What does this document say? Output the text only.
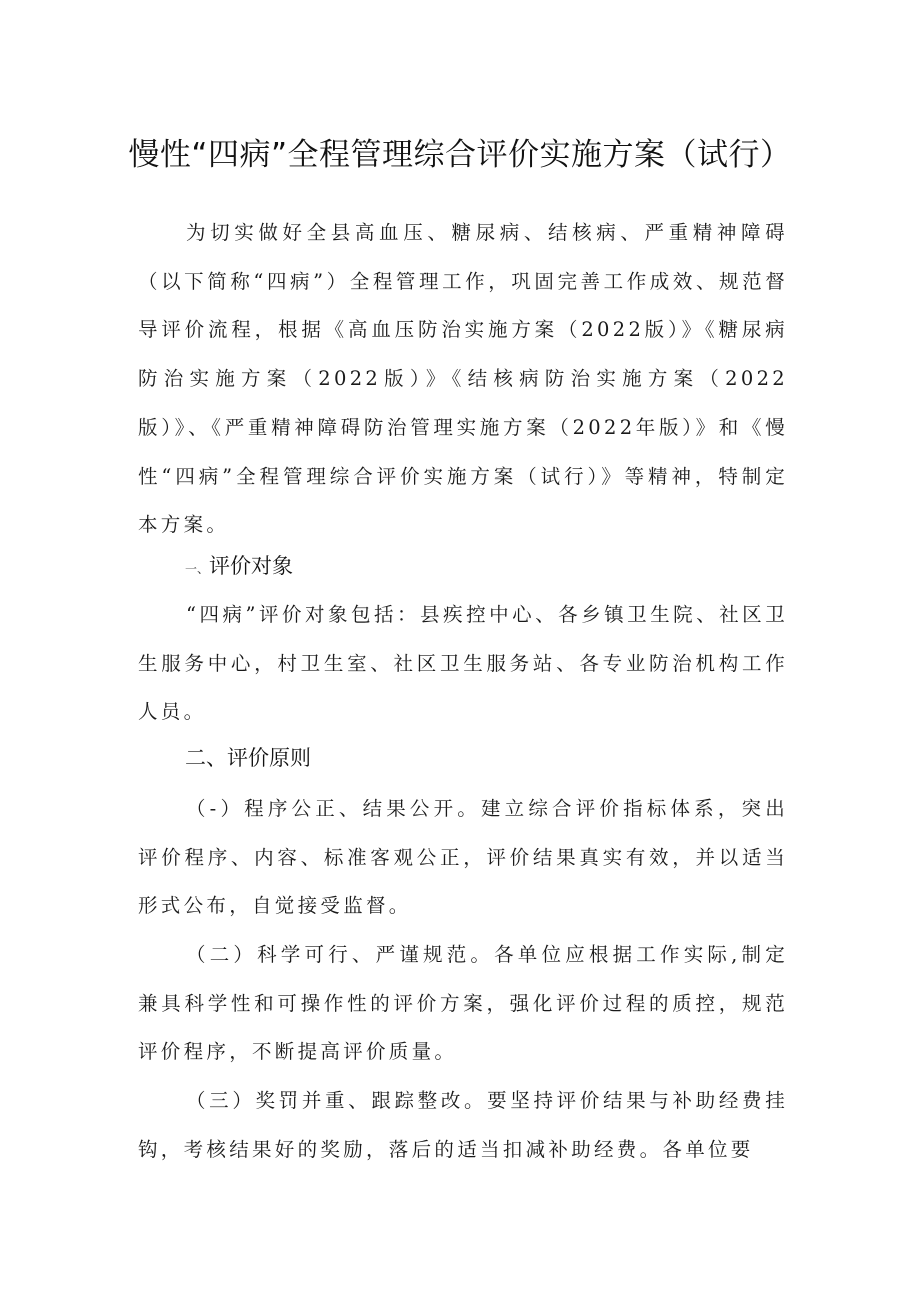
慢性“四病”全程管理综合评价实施方案（试行）

为切实做好全县高血压、糖尿病、结核病、严重精神障碍（以下简称“四病”）全程管理工作，巩固完善工作成效、规范督导评价流程，根据《高血压防治实施方案（2022版）》《糖尿病防治实施方案（2022版）》《结核病防治实施方案（2022版）》、《严重精神障碍防治管理实施方案（2022年版）》和《慢性“四病”全程管理综合评价实施方案（试行）》等精神，特制定本方案。

一、评价对象

“四病”评价对象包括：县疾控中心、各乡镇卫生院、社区卫生服务中心，村卫生室、社区卫生服务站、各专业防治机构工作人员。

二、评价原则

（-）程序公正、结果公开。建立综合评价指标体系，突出评价程序、内容、标准客观公正，评价结果真实有效，并以适当形式公布，自觉接受监督。

（二）科学可行、严谨规范。各单位应根据工作实际,制定兼具科学性和可操作性的评价方案，强化评价过程的质控，规范评价程序，不断提高评价质量。

（三）奖罚并重、跟踪整改。要坚持评价结果与补助经费挂钩，考核结果好的奖励，落后的适当扣减补助经费。各单位要
